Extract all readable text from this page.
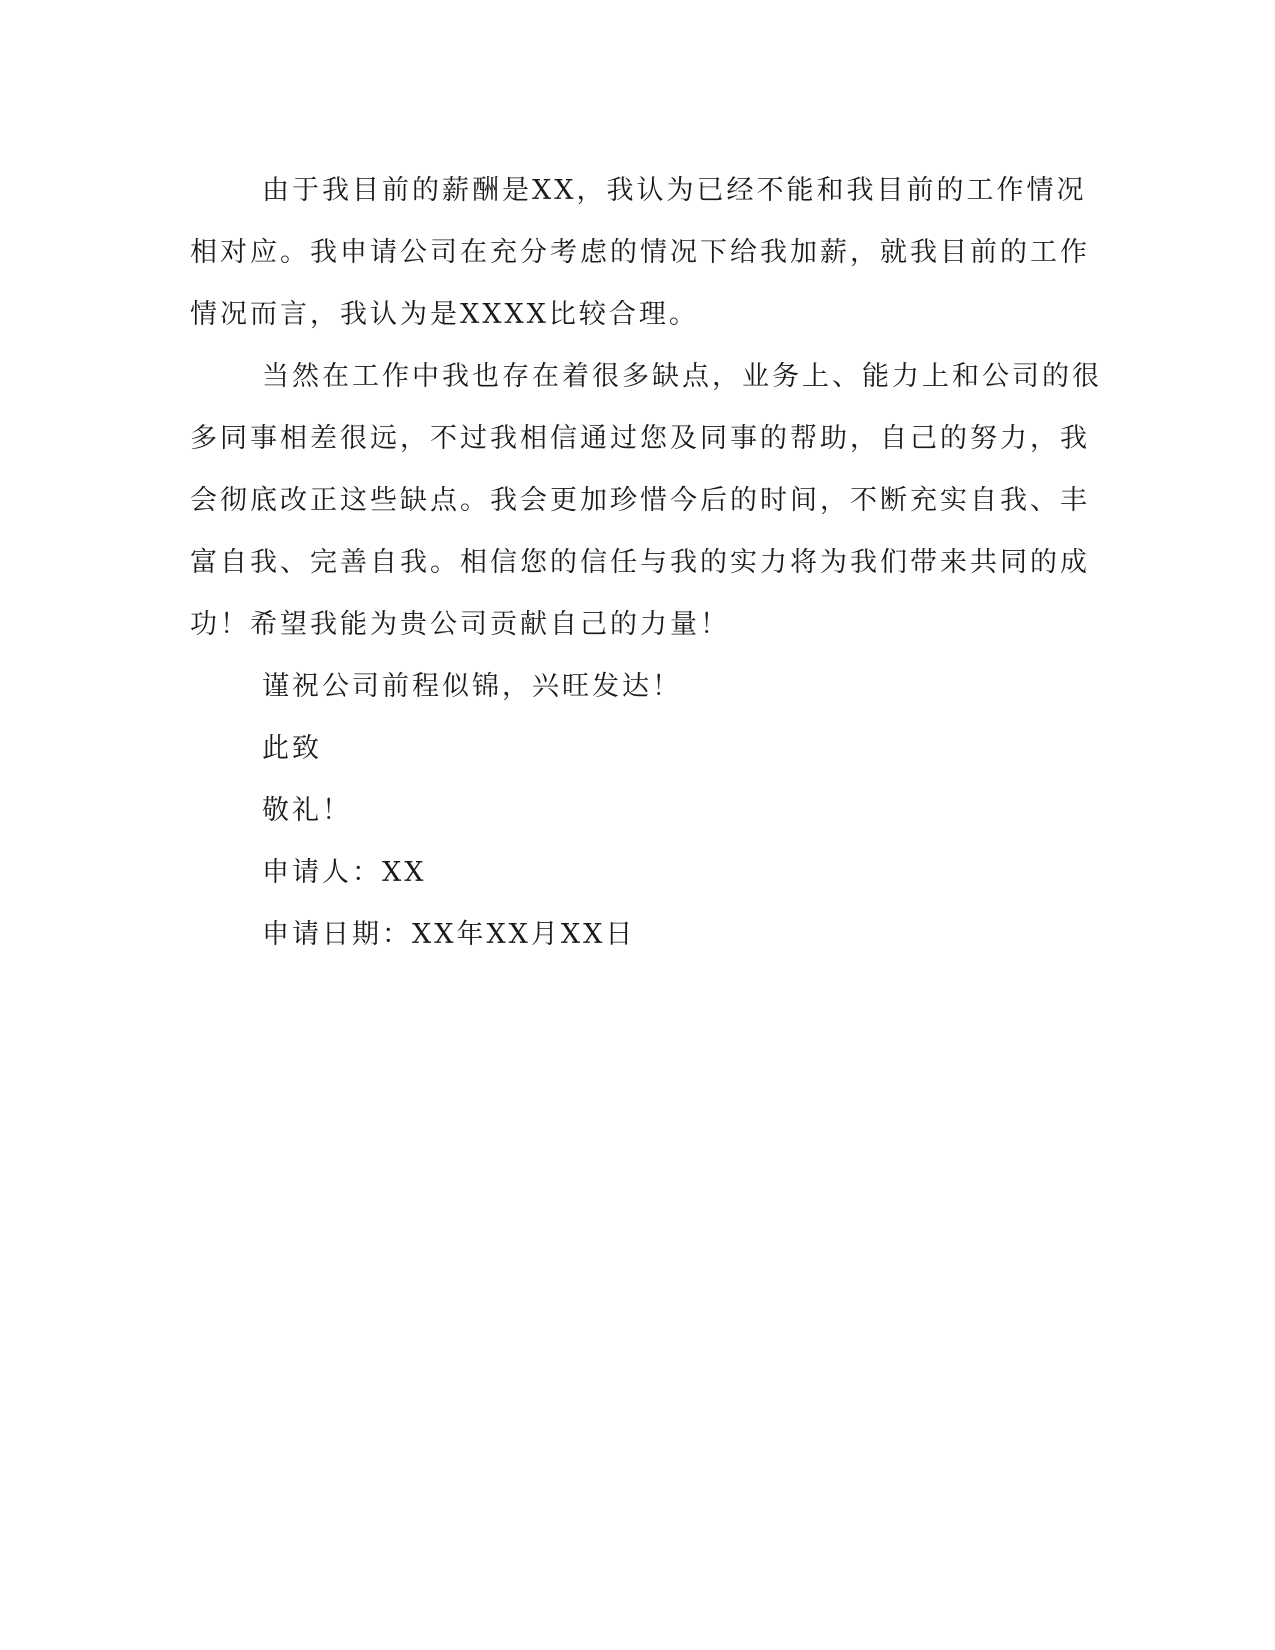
由于我目前的薪酬是XX，我认为已经不能和我目前的工作情况
相对应。我申请公司在充分考虑的情况下给我加薪，就我目前的工作
情况而言，我认为是XXXX比较合理。
当然在工作中我也存在着很多缺点，业务上、能力上和公司的很
多同事相差很远，不过我相信通过您及同事的帮助，自己的努力，我
会彻底改正这些缺点。我会更加珍惜今后的时间，不断充实自我、丰
富自我、完善自我。相信您的信任与我的实力将为我们带来共同的成
功！希望我能为贵公司贡献自己的力量！
谨祝公司前程似锦，兴旺发达！
此致
敬礼！
申请人：XX
申请日期：XX年XX月XX日
